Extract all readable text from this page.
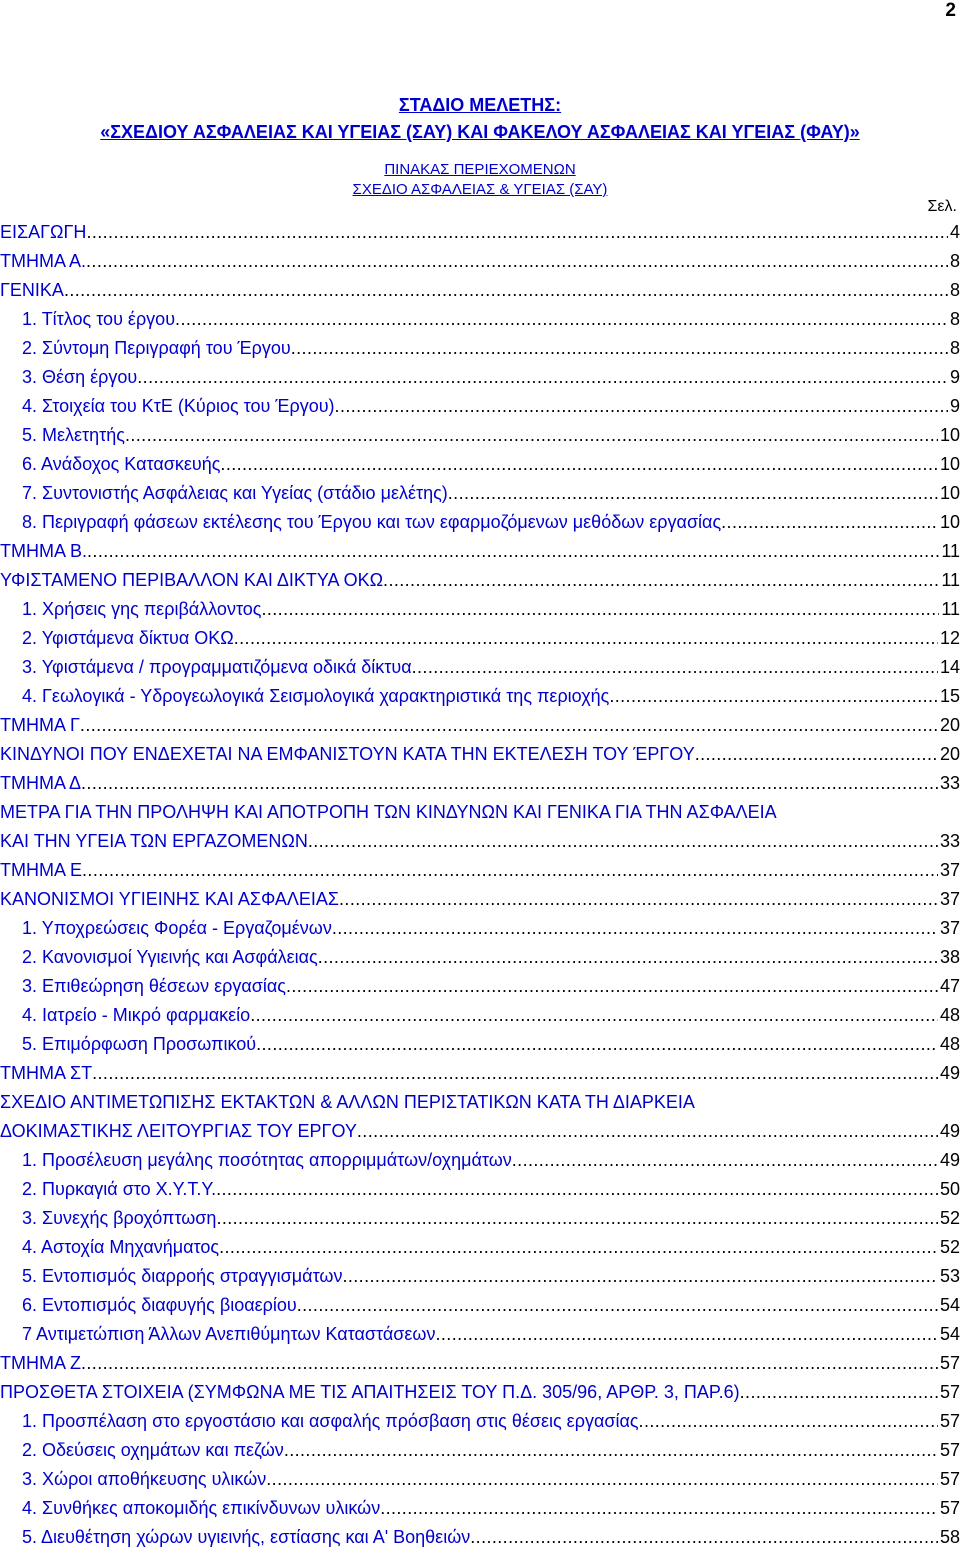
2
ΣΤΑΔΙΟ ΜΕΛΕΤΗΣ:
«ΣΧΕΔΙΟΥ ΑΣΦΑΛΕΙΑΣ ΚΑΙ ΥΓΕΙΑΣ (ΣΑΥ) ΚΑΙ ΦΑΚΕΛΟΥ ΑΣΦΑΛΕΙΑΣ ΚΑΙ ΥΓΕΙΑΣ (ΦΑΥ)»
ΠΙΝΑΚΑΣ ΠΕΡΙΕΧΟΜΕΝΩΝ
ΣΧΕΔΙΟ ΑΣΦΑΛΕΙΑΣ & ΥΓΕΙΑΣ (ΣΑΥ)
Σελ.
ΕΙΣΑΓΩΓΗ .....	4
ΤΜΗΜΑ Α. .....	8
ΓΕΝΙΚΑ .....	8
1. Τίτλος του έργου .....	8
2. Σύντομη Περιγραφή του Έργου .....	8
3. Θέση έργου .....	9
4. Στοιχεία του ΚτΕ (Κύριος του Έργου) .....	9
5. Μελετητής .....	10
6. Ανάδοχος Κατασκευής .....	10
7. Συντονιστής Ασφάλειας και Υγείας (στάδιο μελέτης) .....	10
8. Περιγραφή φάσεων εκτέλεσης του Έργου και των εφαρμοζόμενων μεθόδων εργασίας .....	10
ΤΜΗΜΑ Β. .....	11
ΥΦΙΣΤΑΜΕΝΟ ΠΕΡΙΒΑΛΛΟΝ ΚΑΙ ΔΙΚΤΥΑ ΟΚΩ .....	11
1. Χρήσεις γης περιβάλλοντος .....	11
2. Υφιστάμενα δίκτυα ΟΚΩ .....	12
3. Υφιστάμενα / προγραμματιζόμενα οδικά δίκτυα .....	14
4. Γεωλογικά - Υδρογεωλογικά Σεισμολογικά χαρακτηριστικά της περιοχής .....	15
ΤΜΗΜΑ Γ .....	20
ΚΙΝΔΥΝΟΙ ΠΟΥ ΕΝΔΕΧΕΤΑΙ ΝΑ ΕΜΦΑΝΙΣΤΟΥΝ ΚΑΤΑ ΤΗΝ ΕΚΤΕΛΕΣΗ ΤΟΥ ΈΡΓΟΥ .....	20
ΤΜΗΜΑ Δ .....	33
ΜΕΤΡΑ ΓΙΑ ΤΗΝ ΠΡΟΛΗΨΗ ΚΑΙ ΑΠΟΤΡΟΠΗ ΤΩΝ ΚΙΝΔΥΝΩΝ ΚΑΙ ΓΕΝΙΚΑ ΓΙΑ ΤΗΝ ΑΣΦΑΛΕΙΑ
ΚΑΙ ΤΗΝ ΥΓΕΙΑ ΤΩΝ ΕΡΓΑΖΟΜΕΝΩΝ .....	33
ΤΜΗΜΑ Ε .....	37
ΚΑΝΟΝΙΣΜΟΙ ΥΓΙΕΙΝΗΣ ΚΑΙ ΑΣΦΑΛΕΙΑΣ .....	37
1. Υποχρεώσεις Φορέα - Εργαζομένων .....	37
2. Κανονισμοί Υγιεινής και Ασφάλειας .....	38
3. Επιθεώρηση θέσεων εργασίας .....	47
4. Ιατρείο - Μικρό φαρμακείο .....	48
5. Επιμόρφωση Προσωπικού .....	48
ΤΜΗΜΑ ΣΤ .....	49
ΣΧΕΔΙΟ ΑΝΤΙΜΕΤΩΠΙΣΗΣ ΕΚΤΑΚΤΩΝ & ΑΛΛΩΝ ΠΕΡΙΣΤΑΤΙΚΩΝ ΚΑΤΑ ΤΗ ΔΙΑΡΚΕΙΑ
ΔΟΚΙΜΑΣΤΙΚΗΣ ΛΕΙΤΟΥΡΓΙΑΣ ΤΟΥ ΕΡΓΟΥ .....	49
1. Προσέλευση μεγάλης ποσότητας απορριμμάτων/οχημάτων .....	49
2. Πυρκαγιά στο Χ.Υ.Τ.Υ. .....	50
3. Συνεχής βροχόπτωση .....	52
4. Αστοχία Μηχανήματος .....	52
5. Εντοπισμός διαρροής στραγγισμάτων .....	53
6. Εντοπισμός διαφυγής βιοαερίου .....	54
7 Αντιμετώπιση Άλλων Ανεπιθύμητων Καταστάσεων .....	54
ΤΜΗΜΑ Ζ .....	57
ΠΡΟΣΘΕΤΑ ΣΤΟΙΧΕΙΑ (ΣΥΜΦΩΝΑ ΜΕ ΤΙΣ ΑΠΑΙΤΗΣΕΙΣ ΤΟΥ Π.Δ. 305/96, ΑΡΘΡ. 3, ΠΑΡ.6) .....	57
1. Προσπέλαση στο εργοστάσιο και ασφαλής πρόσβαση στις θέσεις εργασίας .....	57
2. Οδεύσεις οχημάτων και πεζών .....	57
3. Χώροι αποθήκευσης υλικών .....	57
4. Συνθήκες αποκομιδής επικίνδυνων υλικών .....	57
5. Διευθέτηση χώρων υγιεινής, εστίασης και Α' Βοηθειών .....	58
